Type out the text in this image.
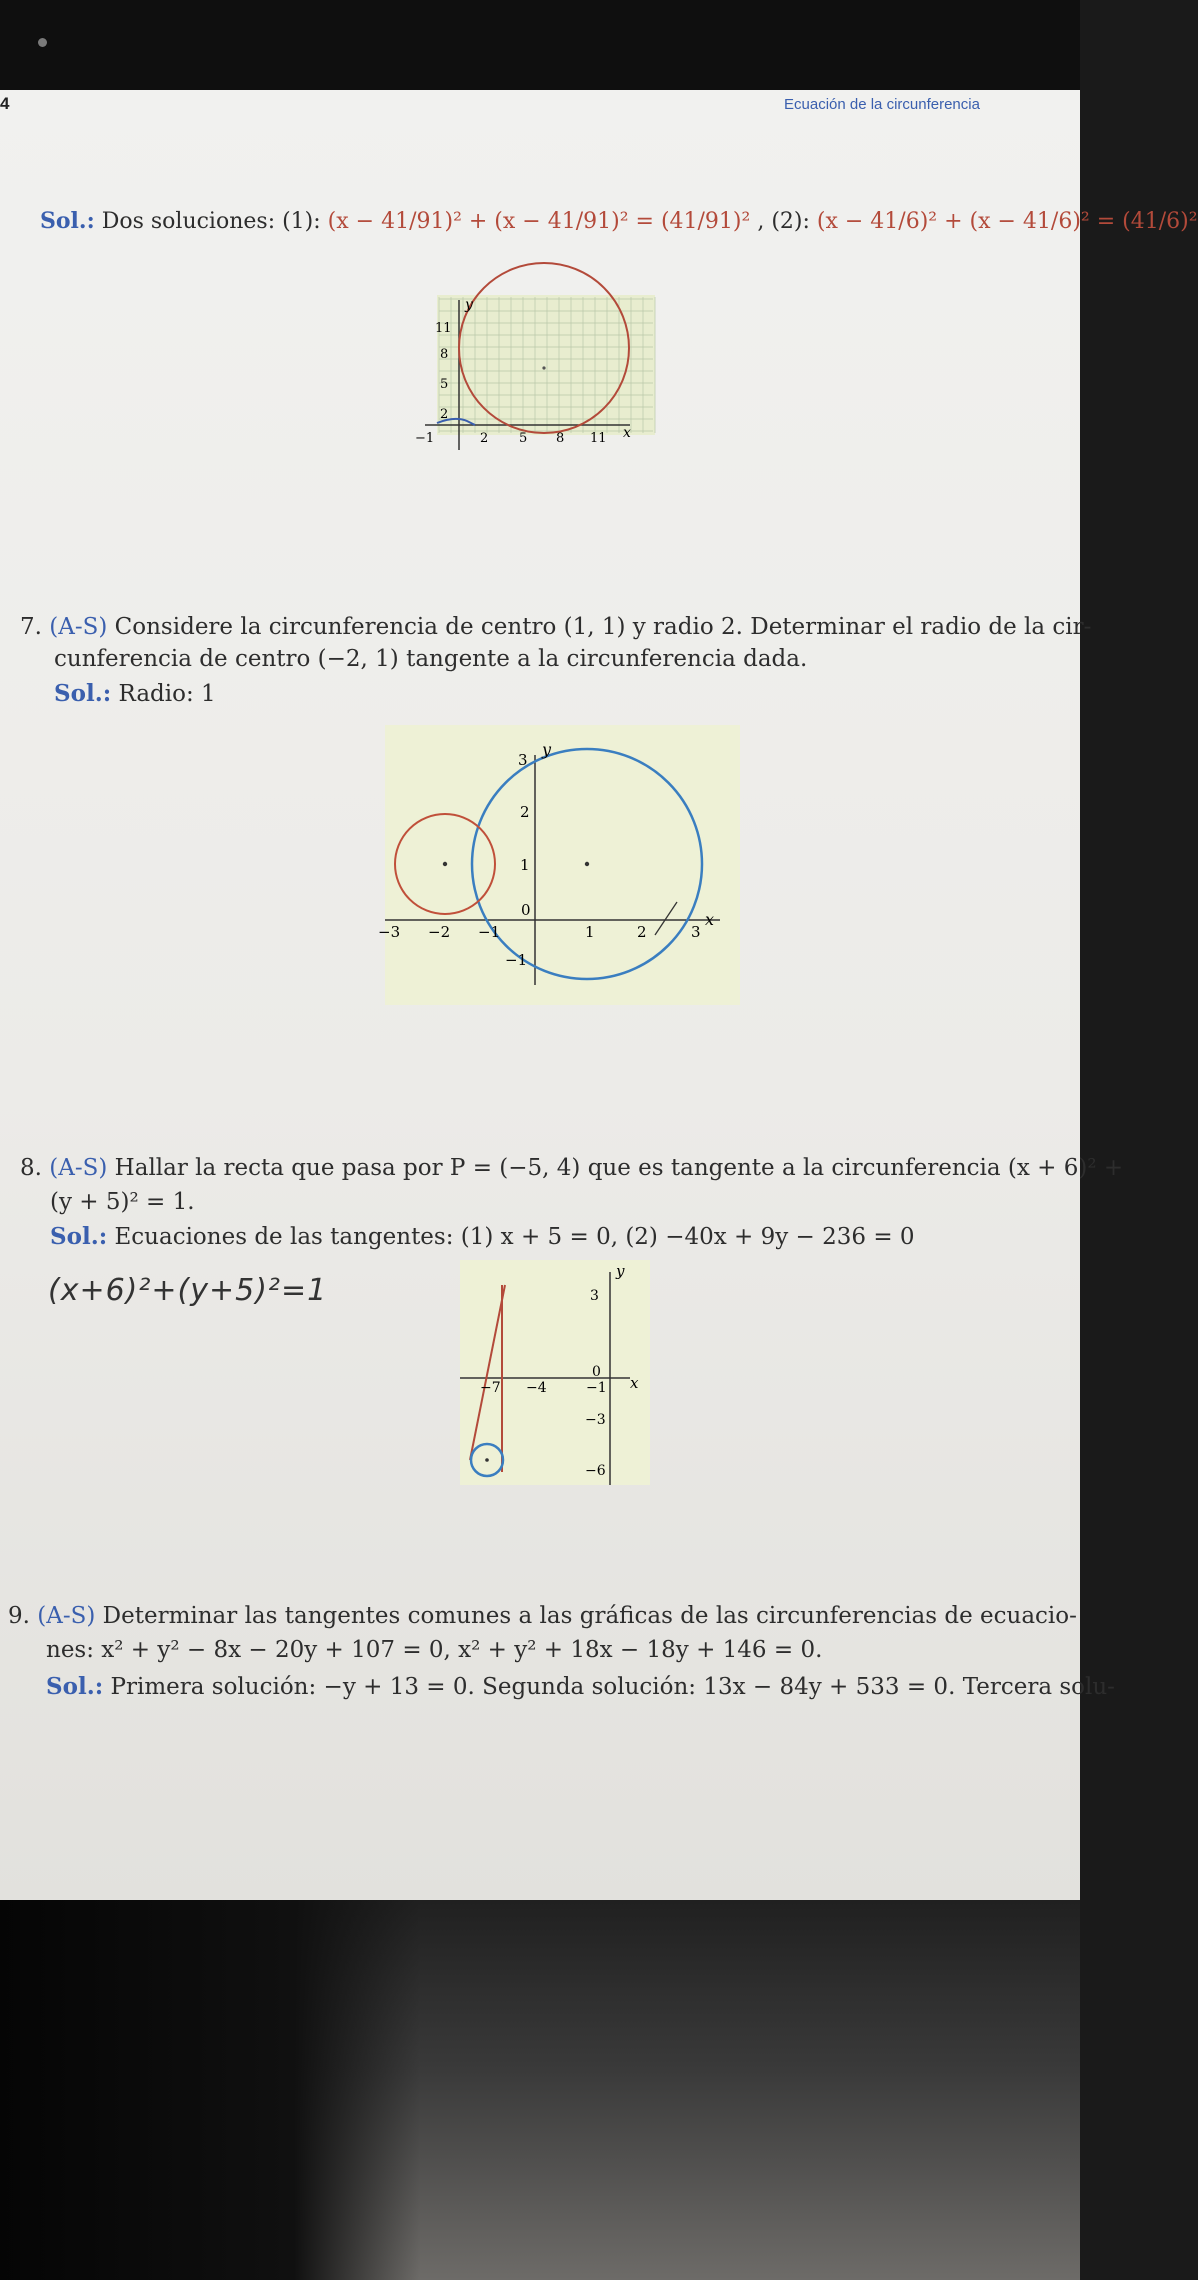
4	Ecuación de la circunferencia
Sol.: Dos soluciones: (1): (x − 41/91)² + (x − 41/91)² = (41/91)² , (2): (x − 41/6)² + (x − 41/6)² = (41/6)²
x
y
−1	2 5 8 11
2
5
8
11
7. (A-S) Considere la circunferencia de centro (1, 1) y radio 2. Determinar el radio de la cir-
cunferencia de centro (−2, 1) tangente a la circunferencia dada.
Sol.: Radio: 1
x
y
−3 −2 −1
0
1	2	3
3
2
1
−1
8. (A-S) Hallar la recta que pasa por P = (−5, 4) que es tangente a la circunferencia (x + 6)² +
(y + 5)² = 1.
Sol.: Ecuaciones de las tangentes: (1) x + 5 = 0, (2) −40x + 9y − 236 = 0
(x+6)²+(y+5)²=1
x
y
−7 −4	−1
3
0
−3
−6
9. (A-S) Determinar las tangentes comunes a las gráficas de las circunferencias de ecuacio-
nes: x² + y² − 8x − 20y + 107 = 0, x² + y² + 18x − 18y + 146 = 0.
Sol.: Primera solución: −y + 13 = 0. Segunda solución: 13x − 84y + 533 = 0. Tercera solu-
